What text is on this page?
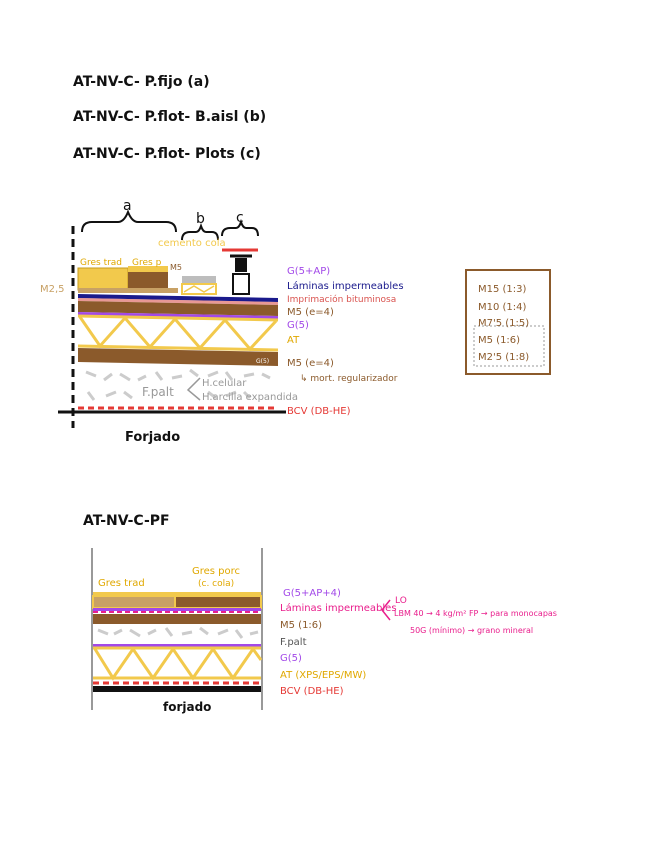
AT-NV-C- P.fijo (a)
AT-NV-C- P.flot- B.aisl (b)
AT-NV-C- P.flot- Plots (c)
a
b c
cemento cola
Gres trad Gres p M5
M2,5
G(5)
F.palt
H.celular
H.arcilla expandida
Forjado
G(5+AP)
Láminas impermeables
Imprimación bituminosa
M5 (e=4)
G(5)
AT
M5 (e=4)
↳ mort. regularizador
BCV (DB-HE)
M15 (1:3)
M10 (1:4)
M7'5 (1:5)
M5 (1:6)
M2'5 (1:8)
AT-NV-C-PF
Gres trad
Gres porc
(c. cola)
forjado
G(5+AP+4)
Láminas impermeables
M5 (1:6)
F.palt
G(5)
AT (XPS/EPS/MW)
BCV (DB-HE)
LO
LBM 40 → 4 kg/m² FP → para monocapas
50G (mínimo) → grano mineral
